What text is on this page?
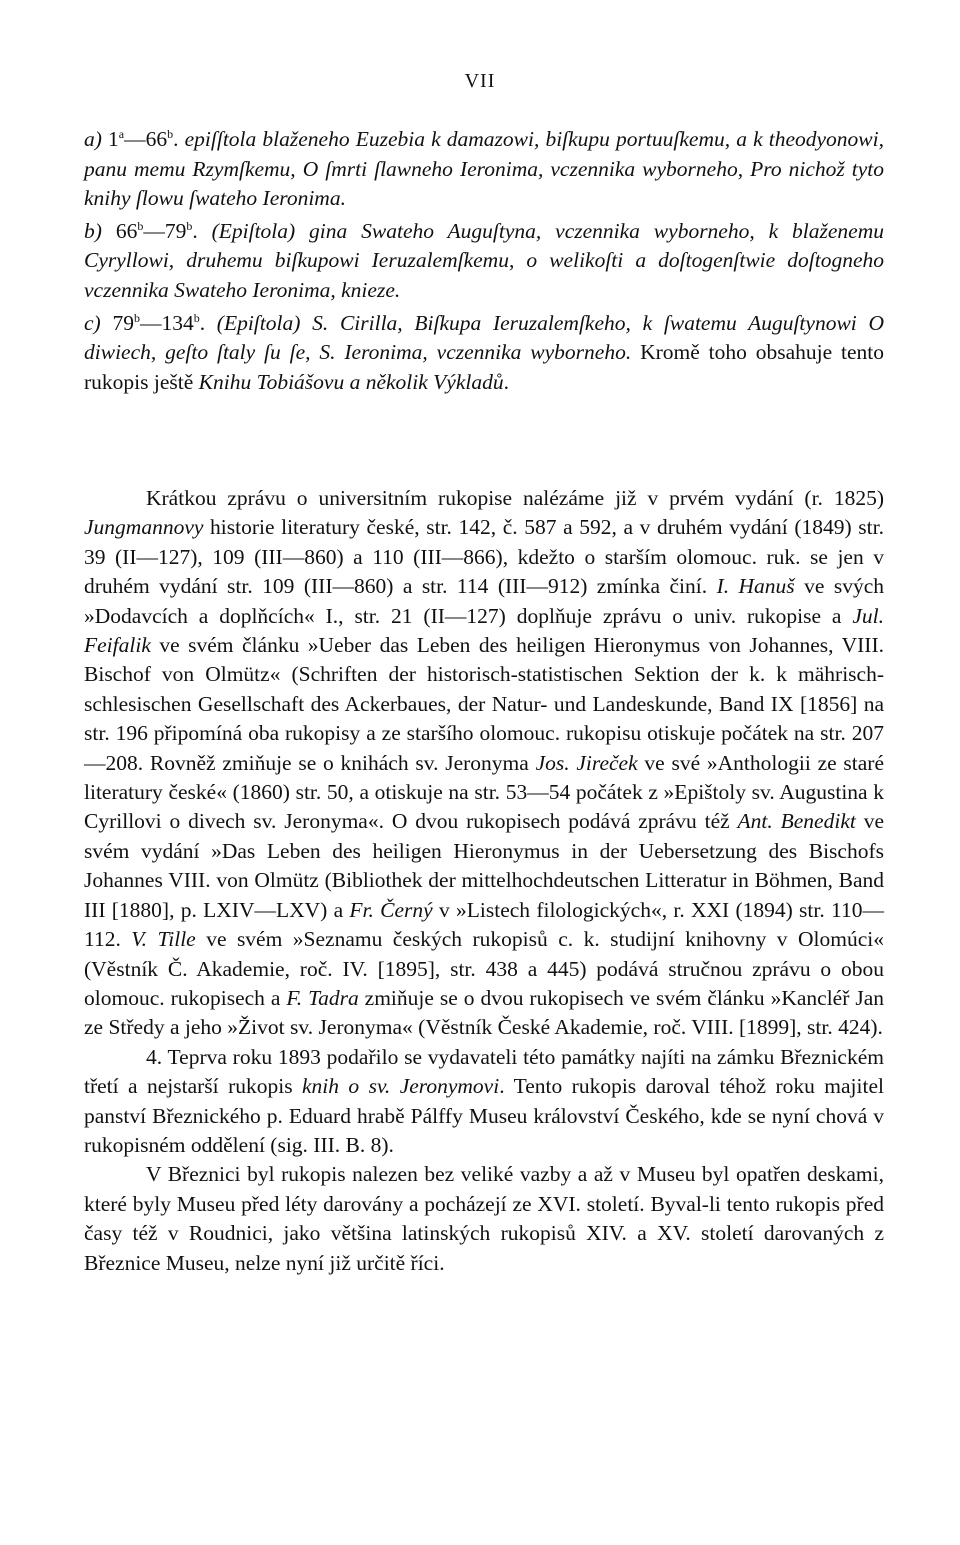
VII
a) 1$^a$—66$^b$. epiſſtola blaženeho Euzebia k damazowi, biſkupu portuuſkemu, a k theodyonowi, panu memu Rzymſkemu, O ſmrti ſlawneho Ieronima, vczennika wyborneho, Pro nichož tyto knihy ſlowu ſwateho Ieronima.
b) 66$^b$—79$^b$. (Epiſtola) gina Swateho Auguſtyna, vczennika wyborneho, k blaženemu Cyryllowi, druhemu biſkupowi Ieruzalemſkemu, o welikoſti a doſtogenſtwie doſtogneho vczennika Swateho Ieronima, knieze.
c) 79$^b$—134$^b$. (Epiſtola) S. Cirilla, Biſkupa Ieruzalemſkeho, k ſwatemu Auguſtynowi O diwiech, geſto ſtaly ſu ſe, S. Ieronima, vczennika wyborneho. Kromě toho obsahuje tento rukopis ještě Knihu Tobiášovu a několik Výkladů.

Krátkou zprávu o universitním rukopise nalézáme již v prvém vydání (r. 1825) Jungmannovy historie literatury české, str. 142, č. 587 a 592, a v druhém vydání (1849) str. 39 (II—127), 109 (III—860) a 110 (III—866), kdežto o starším olomouc. ruk. se jen v druhém vydání str. 109 (III—860) a str. 114 (III—912) zmínka činí. I. Hanuš ve svých »Dodavcích a doplňcích« I., str. 21 (II—127) doplňuje zprávu o univ. rukopise a Jul. Feifalik ve svém článku »Ueber das Leben des heiligen Hieronymus von Johannes, VIII. Bischof von Olmütz« (Schriften der historisch-statistischen Sektion der k. k mährisch-schlesischen Gesellschaft des Ackerbaues, der Natur- und Landeskunde, Band IX [1856] na str. 196 připomíná oba rukopisy a ze staršího olomouc. rukopisu otiskuje počátek na str. 207—208. Rovněž zmiňuje se o knihách sv. Jeronyma Jos. Jireček ve své »Anthologii ze staré literatury české« (1860) str. 50, a otiskuje na str. 53—54 počátek z »Epištoly sv. Augustina k Cyrillovi o divech sv. Jeronyma«. O dvou rukopisech podává zprávu též Ant. Benedikt ve svém vydání »Das Leben des heiligen Hieronymus in der Uebersetzung des Bischofs Johannes VIII. von Olmütz (Bibliothek der mittelhochdeutschen Litteratur in Böhmen, Band III [1880], p. LXIV—LXV) a Fr. Černý v »Listech filologických«, r. XXI (1894) str. 110—112. V. Tille ve svém »Seznamu českých rukopisů c. k. studijní knihovny v Olomúci« (Věstník Č. Akademie, roč. IV. [1895], str. 438 a 445) podává stručnou zprávu o obou olomouc. rukopisech a F. Tadra zmiňuje se o dvou rukopisech ve svém článku »Kancléř Jan ze Středy a jeho »Život sv. Jeronyma« (Věstník České Akademie, roč. VIII. [1899], str. 424).

4. Teprva roku 1893 podařilo se vydavateli této památky najíti na zámku Březnickém třetí a nejstarší rukopis knih o sv. Jeronymovi. Tento rukopis daroval téhož roku majitel panství Březnického p. Eduard hrabě Pálffy Museu království Českého, kde se nyní chová v rukopisném oddělení (sig. III. B. 8).

V Březnici byl rukopis nalezen bez veliké vazby a až v Museu byl opatřen deskami, které byly Museu před léty darovány a pocházejí ze XVI. století. Byval-li tento rukopis před časy též v Roudnici, jako většina latinských rukopisů XIV. a XV. století darovaných z Březnice Museu, nelze nyní již určitě říci.
